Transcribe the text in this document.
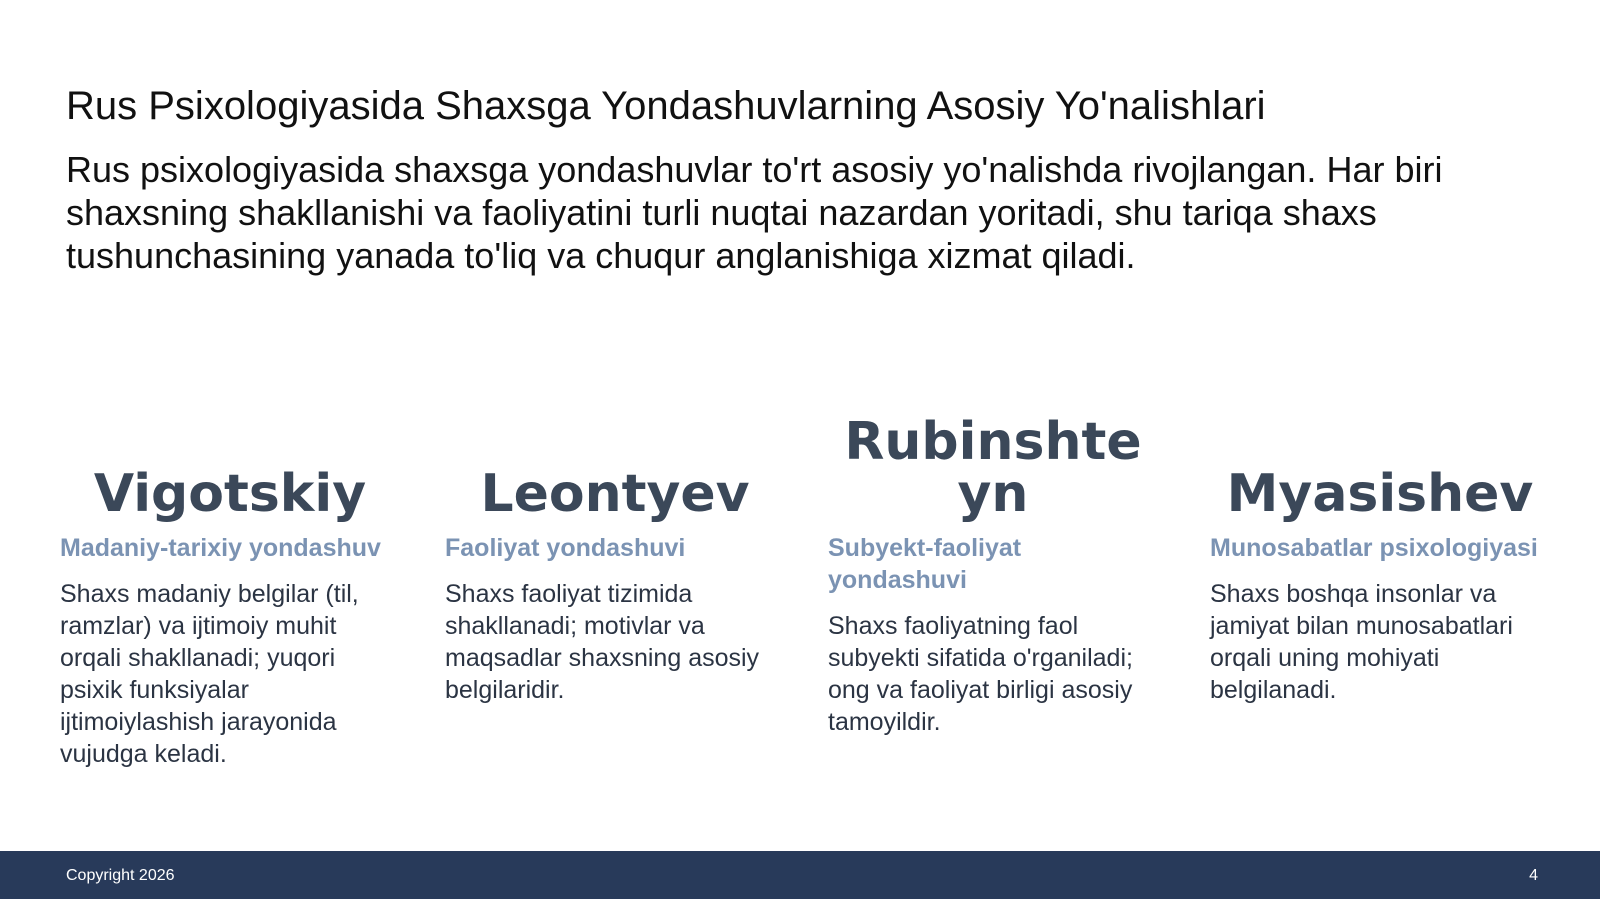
Rus Psixologiyasida Shaxsga Yondashuvlarning Asosiy Yo'nalishlari

Rus psixologiyasida shaxsga yondashuvlar to'rt asosiy yo'nalishda rivojlangan. Har biri shaxsning shakllanishi va faoliyatini turli nuqtai nazardan yoritadi, shu tariqa shaxs tushunchasining yanada to'liq va chuqur anglanishiga xizmat qiladi.

Vigotskiy
Madaniy-tarixiy yondashuv
Shaxs madaniy belgilar (til, ramzlar) va ijtimoiy muhit orqali shakllanadi; yuqori psixik funksiyalar ijtimoiylashish jarayonida vujudga keladi.
Leontyev
Faoliyat yondashuvi
Shaxs faoliyat tizimida shakllanadi; motivlar va maqsadlar shaxsning asosiy belgilaridir.
Rubinshteyn
Subyekt-faoliyat yondashuvi
Shaxs faoliyatning faol subyekti sifatida o'rganiladi; ong va faoliyat birligi asosiy tamoyildir.
Myasishev
Munosabatlar psixologiyasi
Shaxs boshqa insonlar va jamiyat bilan munosabatlari orqali uning mohiyati belgilanadi.
Copyright 2026	4
